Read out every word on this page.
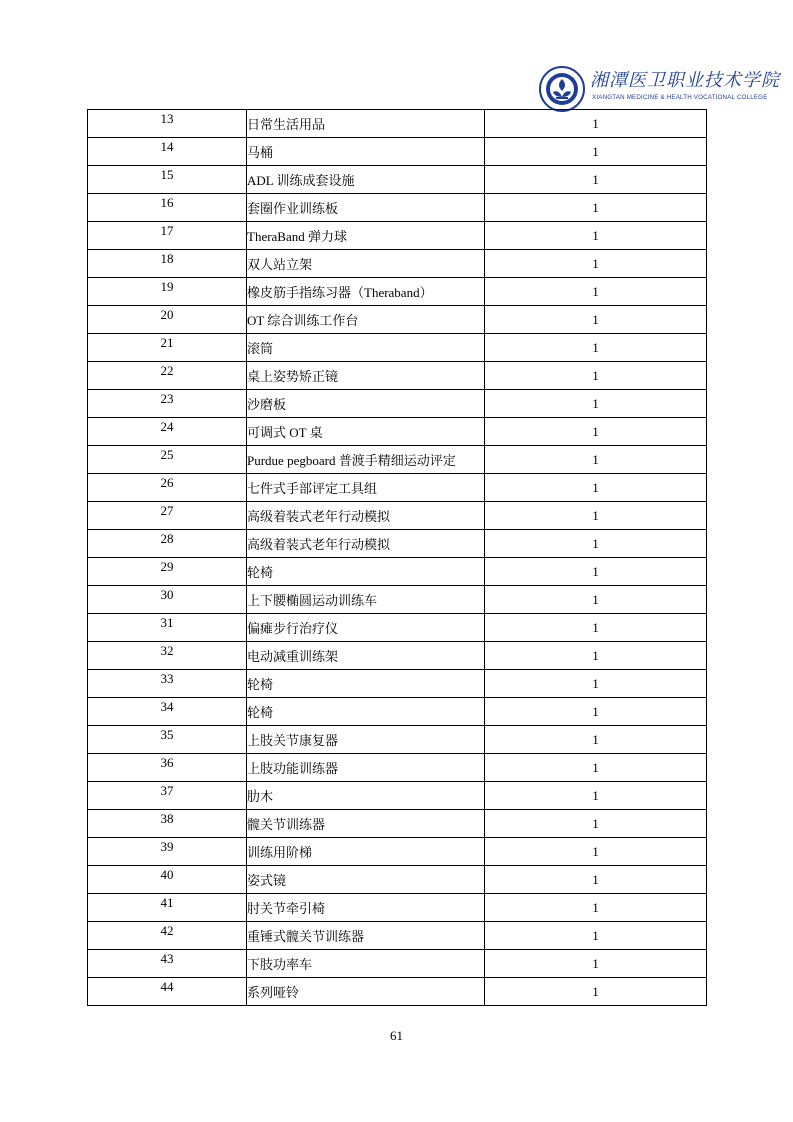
湘潭医卫职业技术学院
XIANGTAN MEDICINE & HEALTH VOCATIONAL COLLEGE
13	日常生活用品	1
14	马桶	1
15	ADL 训练成套设施	1
16	套圈作业训练板	1
17	TheraBand 弹力球	1
18	双人站立架	1
19	橡皮筋手指练习器（Theraband）	1
20	OT 综合训练工作台	1
21	滚筒	1
22	桌上姿势矫正镜	1
23	沙磨板	1
24	可调式 OT 桌	1
25	Purdue pegboard 普渡手精细运动评定	1
26	七件式手部评定工具组	1
27	高级着装式老年行动模拟	1
28	高级着装式老年行动模拟	1
29	轮椅	1
30	上下腰椭圆运动训练车	1
31	偏瘫步行治疗仪	1
32	电动减重训练架	1
33	轮椅	1
34	轮椅	1
35	上肢关节康复器	1
36	上肢功能训练器	1
37	肋木	1
38	髋关节训练器	1
39	训练用阶梯	1
40	姿式镜	1
41	肘关节牵引椅	1
42	重锤式髋关节训练器	1
43	下肢功率车	1
44	系列哑铃	1
61
